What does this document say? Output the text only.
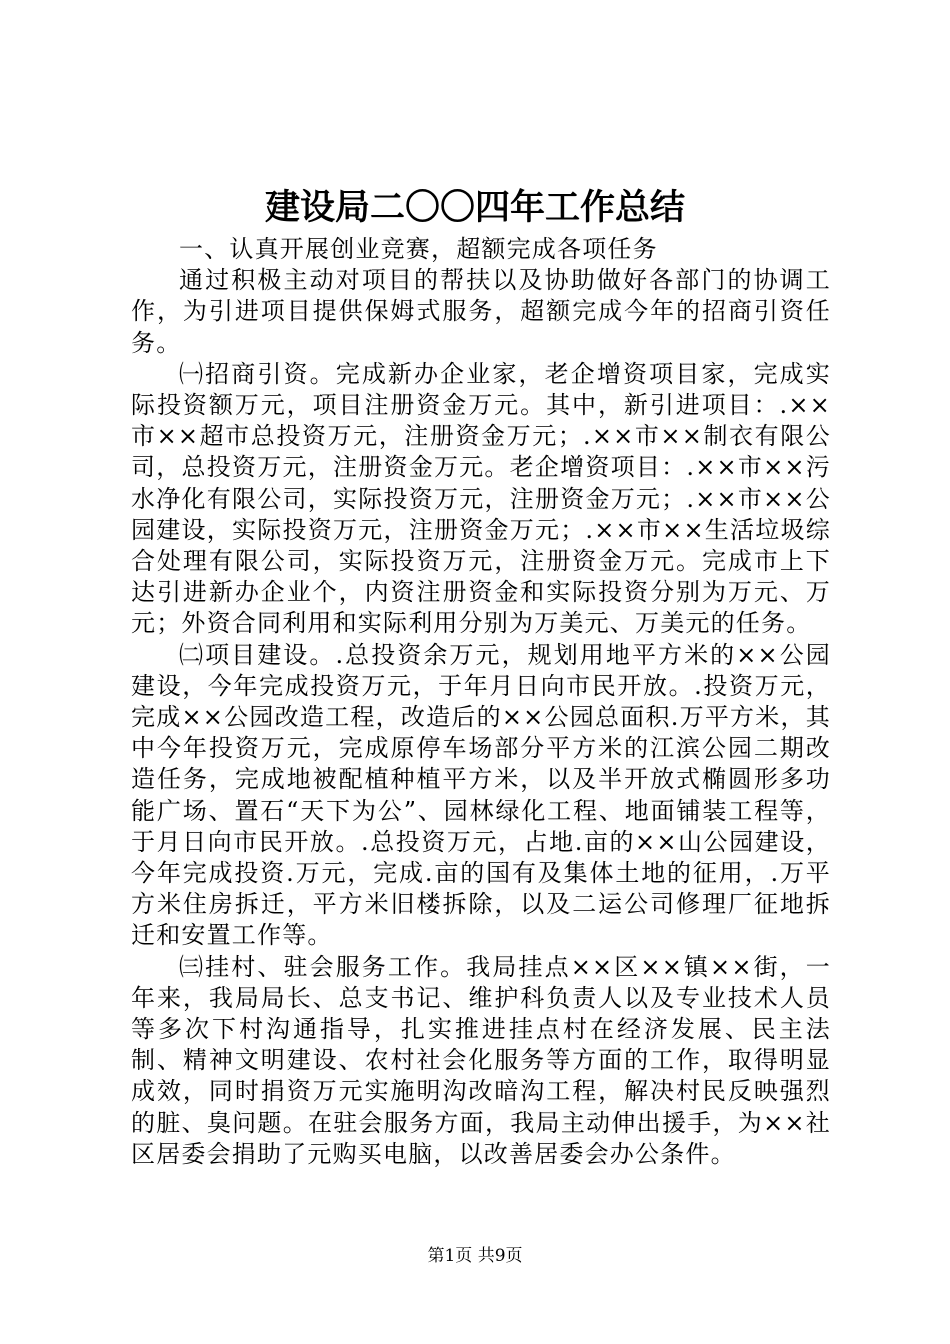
建设局二〇〇四年工作总结

一、认真开展创业竞赛，超额完成各项任务

通过积极主动对项目的帮扶以及协助做好各部门的协调工作，为引进项目提供保姆式服务，超额完成今年的招商引资任务。

㈠招商引资。完成新办企业家，老企增资项目家，完成实际投资额万元，项目注册资金万元。其中，新引进项目：.××市××超市总投资万元，注册资金万元；.××市××制衣有限公司，总投资万元，注册资金万元。老企增资项目：.××市××污水净化有限公司，实际投资万元，注册资金万元；.××市××公园建设，实际投资万元，注册资金万元；.××市××生活垃圾综合处理有限公司，实际投资万元，注册资金万元。完成市上下达引进新办企业个，内资注册资金和实际投资分别为万元、万元；外资合同利用和实际利用分别为万美元、万美元的任务。

㈡项目建设。.总投资余万元，规划用地平方米的××公园建设，今年完成投资万元，于年月日向市民开放。.投资万元，完成××公园改造工程，改造后的××公园总面积.万平方米，其中今年投资万元，完成原停车场部分平方米的江滨公园二期改造任务，完成地被配植种植平方米，以及半开放式椭圆形多功能广场、置石“天下为公”、园林绿化工程、地面铺装工程等，于月日向市民开放。.总投资万元，占地.亩的××山公园建设，今年完成投资.万元，完成.亩的国有及集体土地的征用，.万平方米住房拆迁，平方米旧楼拆除，以及二运公司修理厂征地拆迁和安置工作等。

㈢挂村、驻会服务工作。我局挂点××区××镇××街，一年来，我局局长、总支书记、维护科负责人以及专业技术人员等多次下村沟通指导，扎实推进挂点村在经济发展、民主法制、精神文明建设、农村社会化服务等方面的工作，取得明显成效，同时捐资万元实施明沟改暗沟工程，解决村民反映强烈的脏、臭问题。在驻会服务方面，我局主动伸出援手，为××社区居委会捐助了元购买电脑，以改善居委会办公条件。

第1页 共9页
